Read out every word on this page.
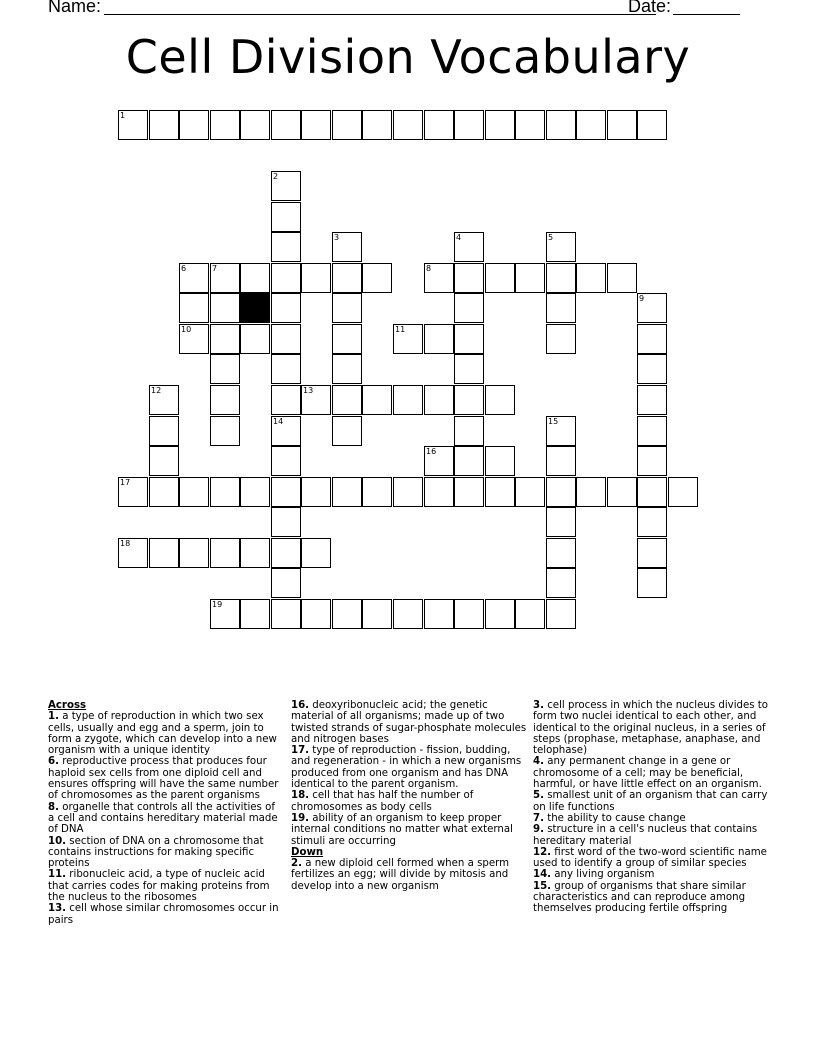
Name:	Date:
Cell Division Vocabulary
1
6	7	8
10	11
13
16
17
18
19
2
14
3	4	5
9
12
15
Across
1. a type of reproduction in which two sex cells, usually and egg and a sperm, join to form a zygote, which can develop into a new organism with a unique identity
6. reproductive process that produces four haploid sex cells from one diploid cell and ensures offspring will have the same number of chromosomes as the parent organisms
8. organelle that controls all the activities of a cell and contains hereditary material made of DNA
10. section of DNA on a chromosome that contains instructions for making specific proteins
11. ribonucleic acid, a type of nucleic acid that carries codes for making proteins from the nucleus to the ribosomes
13. cell whose similar chromosomes occur in pairs
16. deoxyribonucleic acid; the genetic material of all organisms; made up of two twisted strands of sugar-phosphate molecules and nitrogen bases
17. type of reproduction - fission, budding, and regeneration - in which a new organisms produced from one organism and has DNA identical to the parent organism.
18. cell that has half the number of chromosomes as body cells
19. ability of an organism to keep proper internal conditions no matter what external stimuli are occurring
Down
2. a new diploid cell formed when a sperm fertilizes an egg; will divide by mitosis and develop into a new organism
3. cell process in which the nucleus divides to form two nuclei identical to each other, and identical to the original nucleus, in a series of steps (prophase, metaphase, anaphase, and telophase)
4. any permanent change in a gene or chromosome of a cell; may be beneficial, harmful, or have little effect on an organism.
5. smallest unit of an organism that can carry on life functions
7. the ability to cause change
9. structure in a cell's nucleus that contains hereditary material
12. first word of the two-word scientific name used to identify a group of similar species
14. any living organism
15. group of organisms that share similar characteristics and can reproduce among themselves producing fertile offspring
